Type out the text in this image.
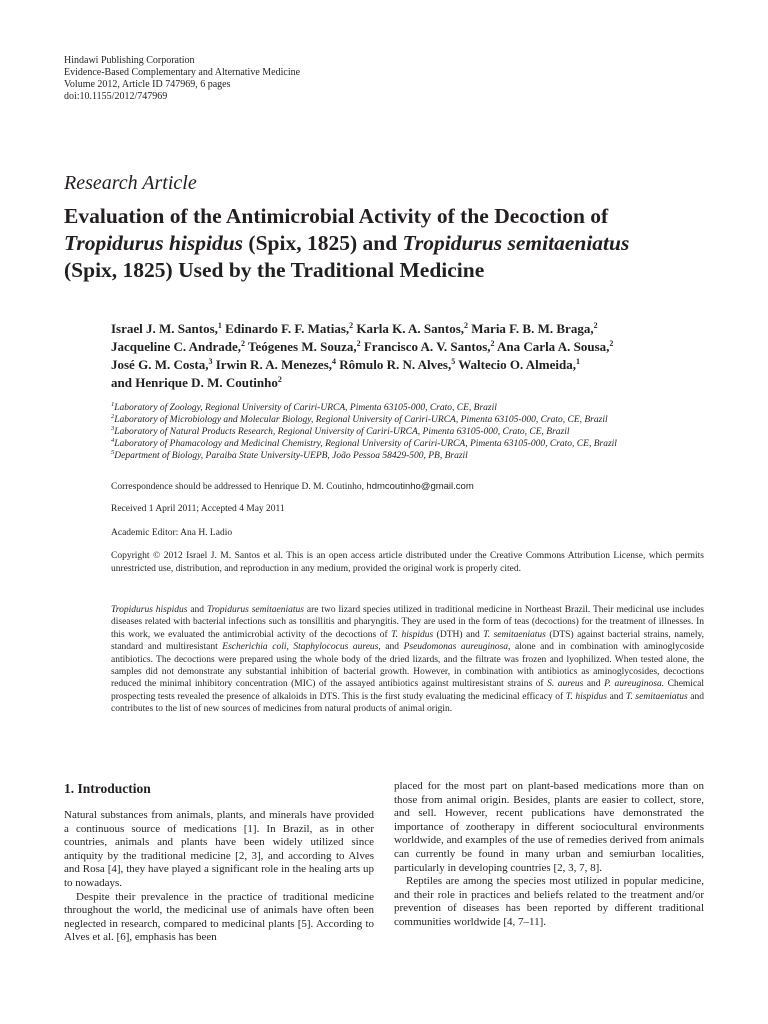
Hindawi Publishing Corporation
Evidence-Based Complementary and Alternative Medicine
Volume 2012, Article ID 747969, 6 pages
doi:10.1155/2012/747969
Research Article
Evaluation of the Antimicrobial Activity of the Decoction of
Tropidurus hispidus (Spix, 1825) and Tropidurus semitaeniatus
(Spix, 1825) Used by the Traditional Medicine
Israel J. M. Santos,$^1$ Edinardo F. F. Matias,$^2$ Karla K. A. Santos,$^2$ Maria F. B. M. Braga,$^2$
Jacqueline C. Andrade,$^2$ Teógenes M. Souza,$^2$ Francisco A. V. Santos,$^2$ Ana Carla A. Sousa,$^2$
José G. M. Costa,$^3$ Irwin R. A. Menezes,$^4$ Rômulo R. N. Alves,$^5$ Waltecio O. Almeida,$^1$
and Henrique D. M. Coutinho$^2$
$^1$Laboratory of Zoology, Regional University of Cariri-URCA, Pimenta 63105-000, Crato, CE, Brazil
$^2$Laboratory of Microbiology and Molecular Biology, Regional University of Cariri-URCA, Pimenta 63105-000, Crato, CE, Brazil
$^3$Laboratory of Natural Products Research, Regional University of Cariri-URCA, Pimenta 63105-000, Crato, CE, Brazil
$^4$Laboratory of Phamacology and Medicinal Chemistry, Regional University of Cariri-URCA, Pimenta 63105-000, Crato, CE, Brazil
$^5$Department of Biology, Paraiba State University-UEPB, João Pessoa 58429-500, PB, Brazil
Correspondence should be addressed to Henrique D. M. Coutinho, hdmcoutinho@gmail.com
Received 1 April 2011; Accepted 4 May 2011
Academic Editor: Ana H. Ladio
Copyright © 2012 Israel J. M. Santos et al. This is an open access article distributed under the Creative Commons Attribution License, which permits unrestricted use, distribution, and reproduction in any medium, provided the original work is properly cited.
Tropidurus hispidus and Tropidurus semitaeniatus are two lizard species utilized in traditional medicine in Northeast Brazil. Their medicinal use includes diseases related with bacterial infections such as tonsillitis and pharyngitis. They are used in the form of teas (decoctions) for the treatment of illnesses. In this work, we evaluated the antimicrobial activity of the decoctions of T. hispidus (DTH) and T. semitaeniatus (DTS) against bacterial strains, namely, standard and multiresistant Escherichia coli, Staphylococus aureus, and Pseudomonas aureuginosa, alone and in combination with aminoglycoside antibiotics. The decoctions were prepared using the whole body of the dried lizards, and the filtrate was frozen and lyophilized. When tested alone, the samples did not demonstrate any substantial inhibition of bacterial growth. However, in combination with antibiotics as aminoglycosides, decoctions reduced the minimal inhibitory concentration (MIC) of the assayed antibiotics against multiresistant strains of S. aureus and P. aureuginosa. Chemical prospecting tests revealed the presence of alkaloids in DTS. This is the first study evaluating the medicinal efficacy of T. hispidus and T. semitaeniatus and contributes to the list of new sources of medicines from natural products of animal origin.
1. Introduction

Natural substances from animals, plants, and minerals have provided a continuous source of medications [1]. In Brazil, as in other countries, animals and plants have been widely utilized since antiquity by the traditional medicine [2, 3], and according to Alves and Rosa [4], they have played a significant role in the healing arts up to nowadays.

Despite their prevalence in the practice of traditional medicine throughout the world, the medicinal use of animals have often been neglected in research, compared to medicinal plants [5]. According to Alves et al. [6], emphasis has been

placed for the most part on plant-based medications more than on those from animal origin. Besides, plants are easier to collect, store, and sell. However, recent publications have demonstrated the importance of zootherapy in different sociocultural environments worldwide, and examples of the use of remedies derived from animals can currently be found in many urban and semiurban localities, particularly in developing countries [2, 3, 7, 8].

Reptiles are among the species most utilized in popular medicine, and their role in practices and beliefs related to the treatment and/or prevention of diseases has been reported by different traditional communities worldwide [4, 7–11].
